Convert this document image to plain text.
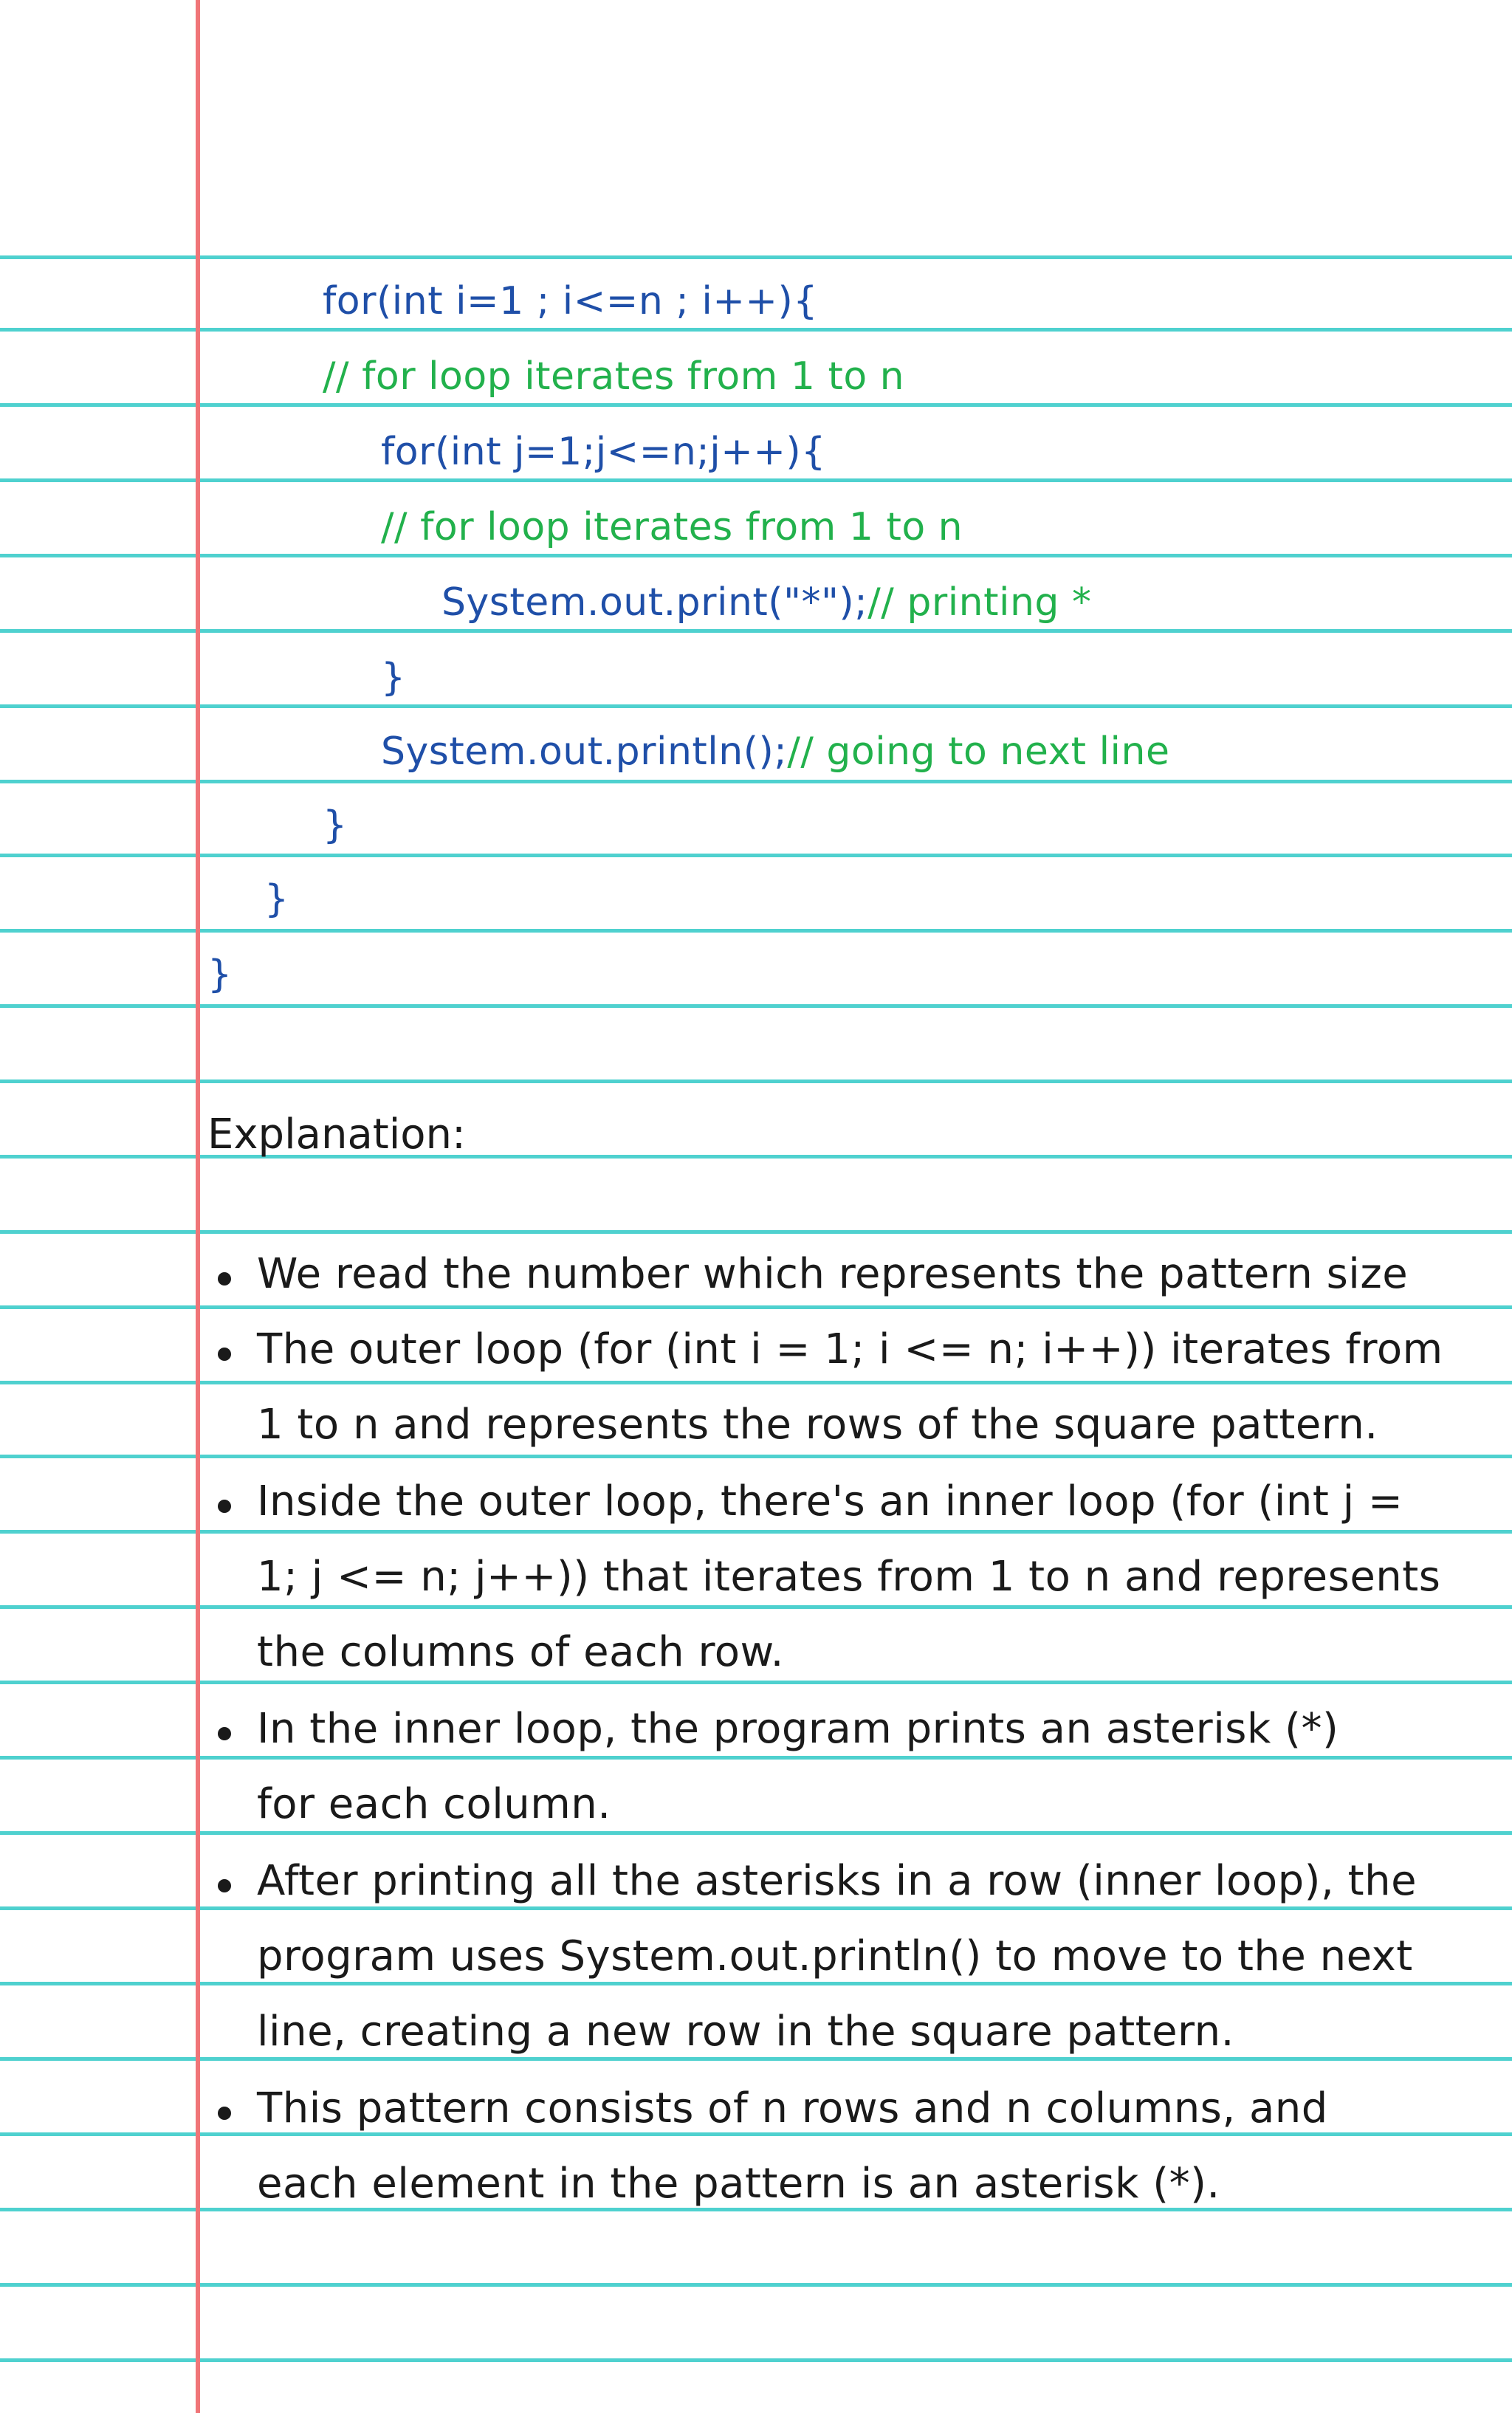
for(int i=1 ; i<=n ; i++){
// for loop iterates from 1 to n
for(int j=1;j<=n;j++){
// for loop iterates from 1 to n
System.out.print("*");// printing *
}
System.out.println();// going to next line
}
}
}
Explanation:
We read the number which represents the pattern size
The outer loop (for (int i = 1; i <= n; i++)) iterates from
1 to n and represents the rows of the square pattern.
Inside the outer loop, there's an inner loop (for (int j =
1; j <= n; j++)) that iterates from 1 to n and represents
the columns of each row.
In the inner loop, the program prints an asterisk (*)
for each column.
After printing all the asterisks in a row (inner loop), the
program uses System.out.println() to move to the next
line, creating a new row in the square pattern.
This pattern consists of n rows and n columns, and
each element in the pattern is an asterisk (*).
